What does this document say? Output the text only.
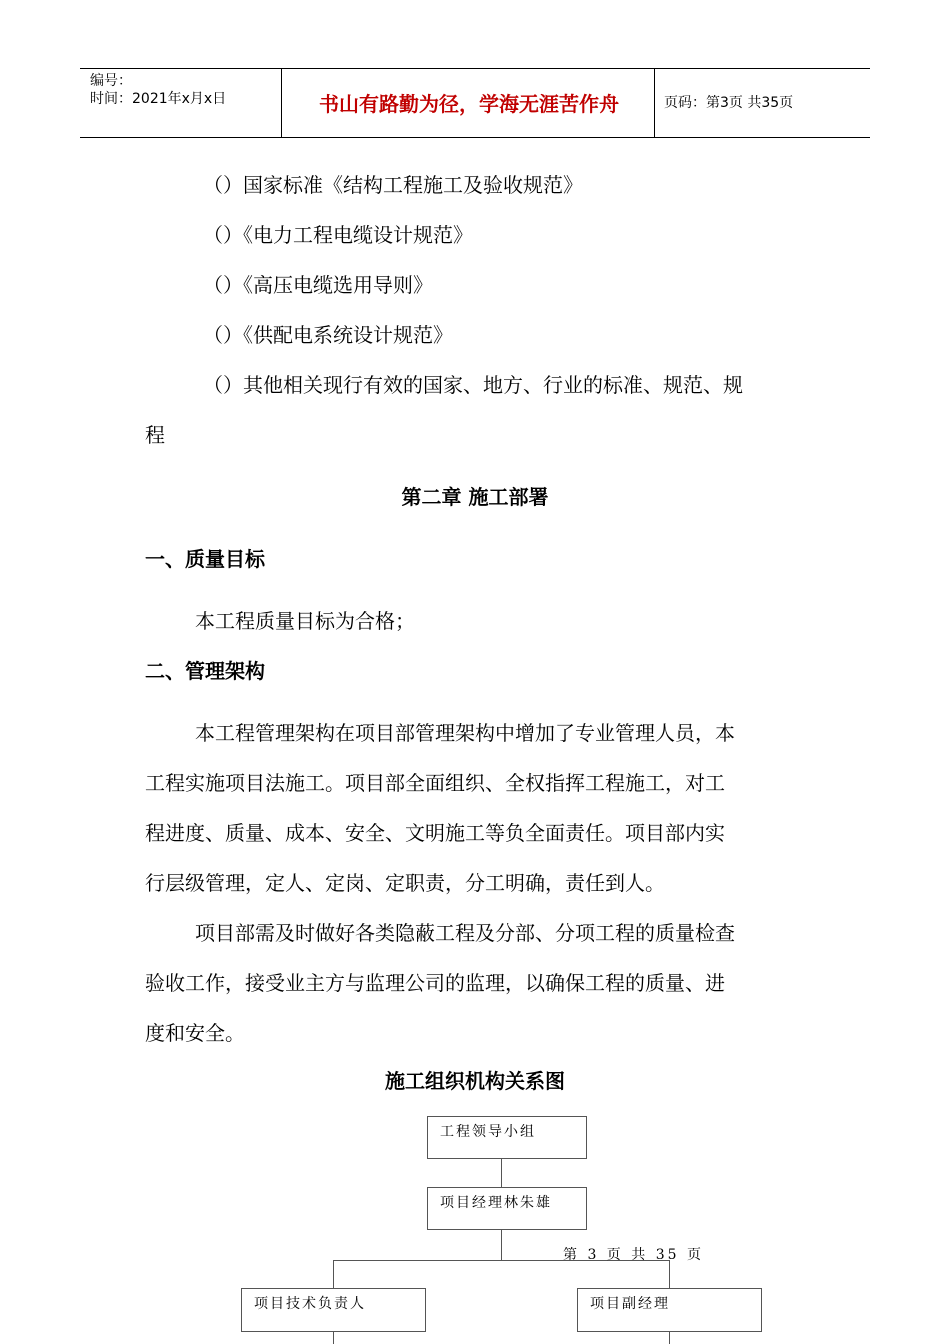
编号：
时间：2021年x月x日	书山有路勤为径，学海无涯苦作舟	页码：第3页 共35页
（）国家标准《结构工程施工及验收规范》
（）《电力工程电缆设计规范》
（）《高压电缆选用导则》
（）《供配电系统设计规范》
（）其他相关现行有效的国家、地方、行业的标准、规范、规
程
第二章 施工部署
一、质量目标
本工程质量目标为合格；
二、管理架构
本工程管理架构在项目部管理架构中增加了专业管理人员，本
工程实施项目法施工。项目部全面组织、全权指挥工程施工，对工
程进度、质量、成本、安全、文明施工等负全面责任。项目部内实
行层级管理，定人、定岗、定职责，分工明确，责任到人。
项目部需及时做好各类隐蔽工程及分部、分项工程的质量检查
验收工作，接受业主方与监理公司的监理，以确保工程的质量、进
度和安全。
施工组织机构关系图
工程领导小组
项目经理林朱雄
第 3 页 共 35 页
项目技术负责人	项目副经理
